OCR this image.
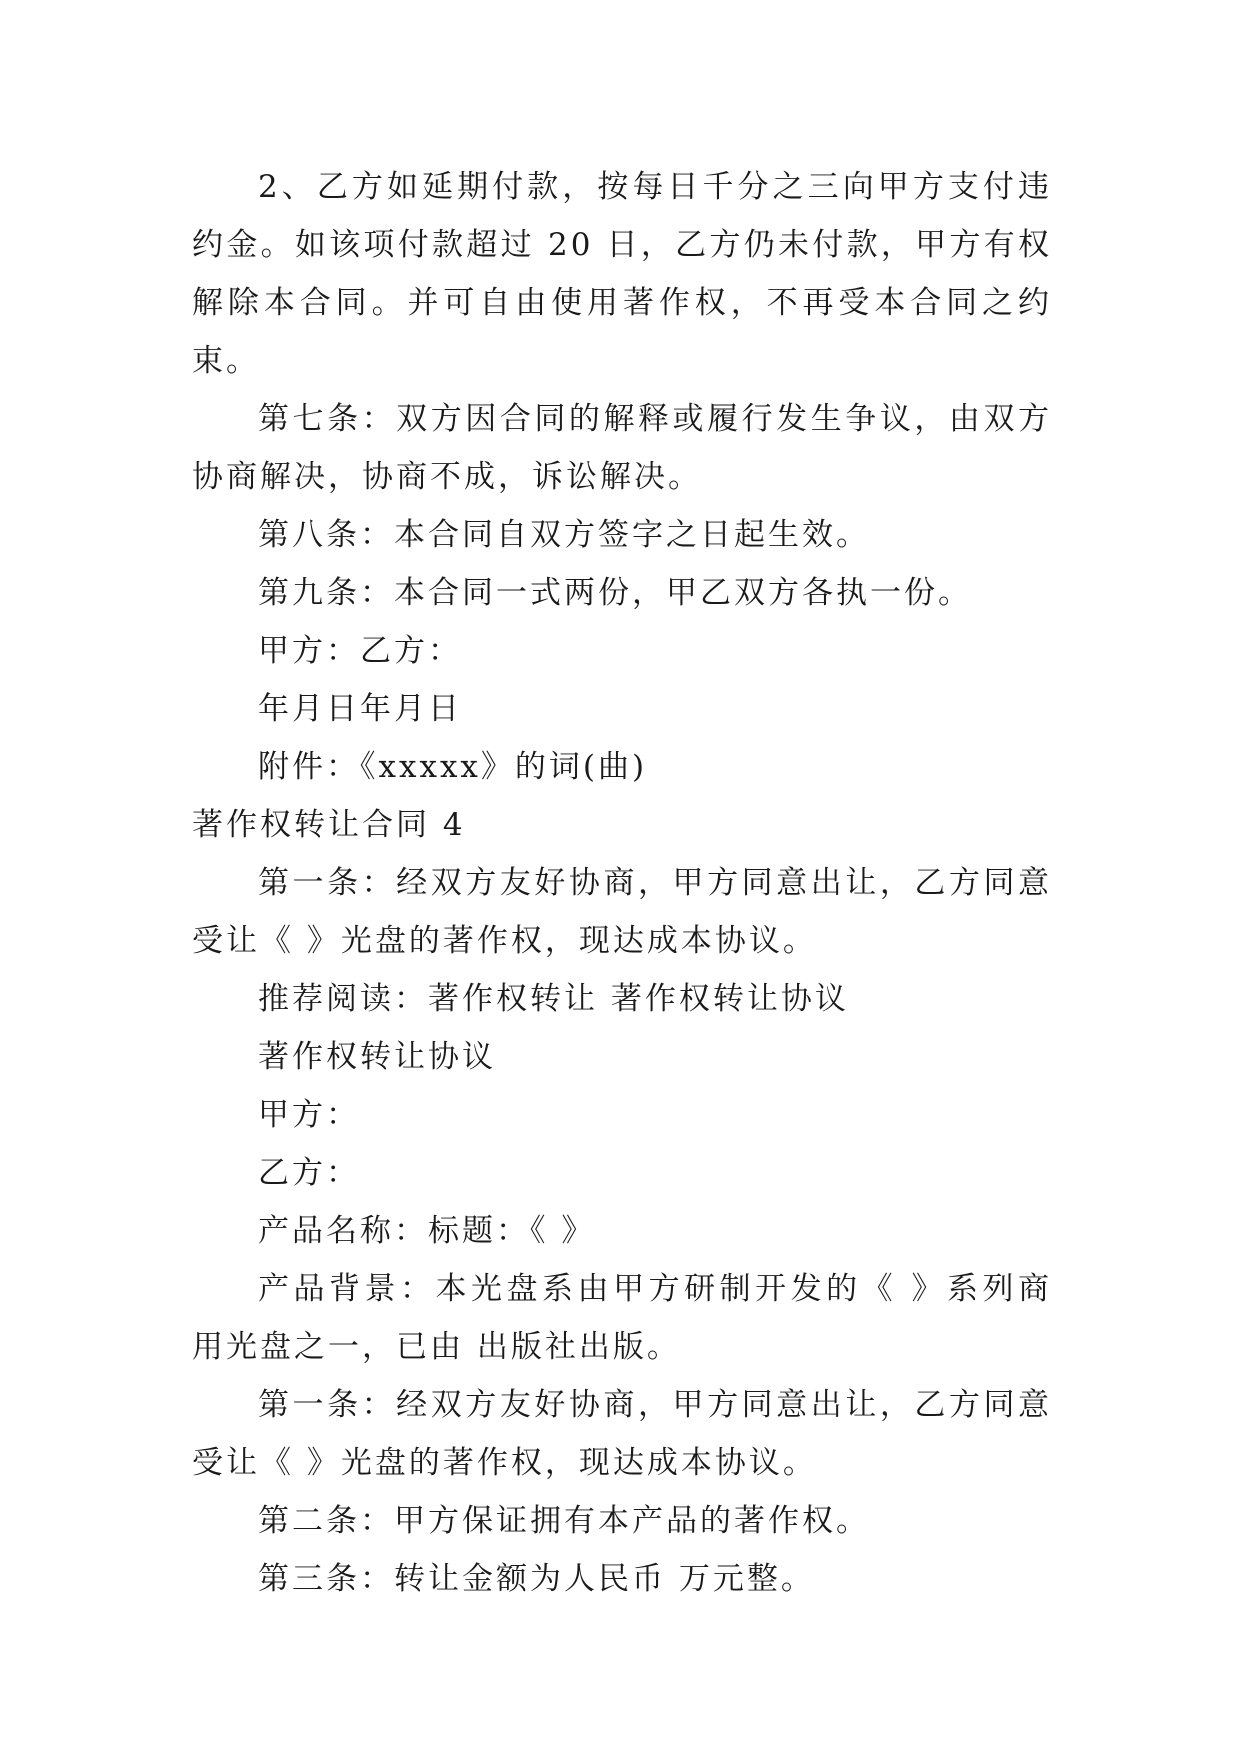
2、乙方如延期付款，按每日千分之三向甲方支付违约金。如该项付款超过 20 日，乙方仍未付款，甲方有权解除本合同。并可自由使用著作权，不再受本合同之约束。

第七条：双方因合同的解释或履行发生争议，由双方协商解决，协商不成，诉讼解决。

第八条：本合同自双方签字之日起生效。

第九条：本合同一式两份，甲乙双方各执一份。

甲方：乙方：

年月日年月日

附件：《xxxxx》的词(曲)

著作权转让合同 4

第一条：经双方友好协商，甲方同意出让，乙方同意受让《 》光盘的著作权，现达成本协议。

推荐阅读：著作权转让 著作权转让协议

著作权转让协议

甲方：

乙方：

产品名称：标题：《 》

产品背景：本光盘系由甲方研制开发的《 》系列商用光盘之一，已由 出版社出版。

第一条：经双方友好协商，甲方同意出让，乙方同意受让《 》光盘的著作权，现达成本协议。

第二条：甲方保证拥有本产品的著作权。

第三条：转让金额为人民币 万元整。
